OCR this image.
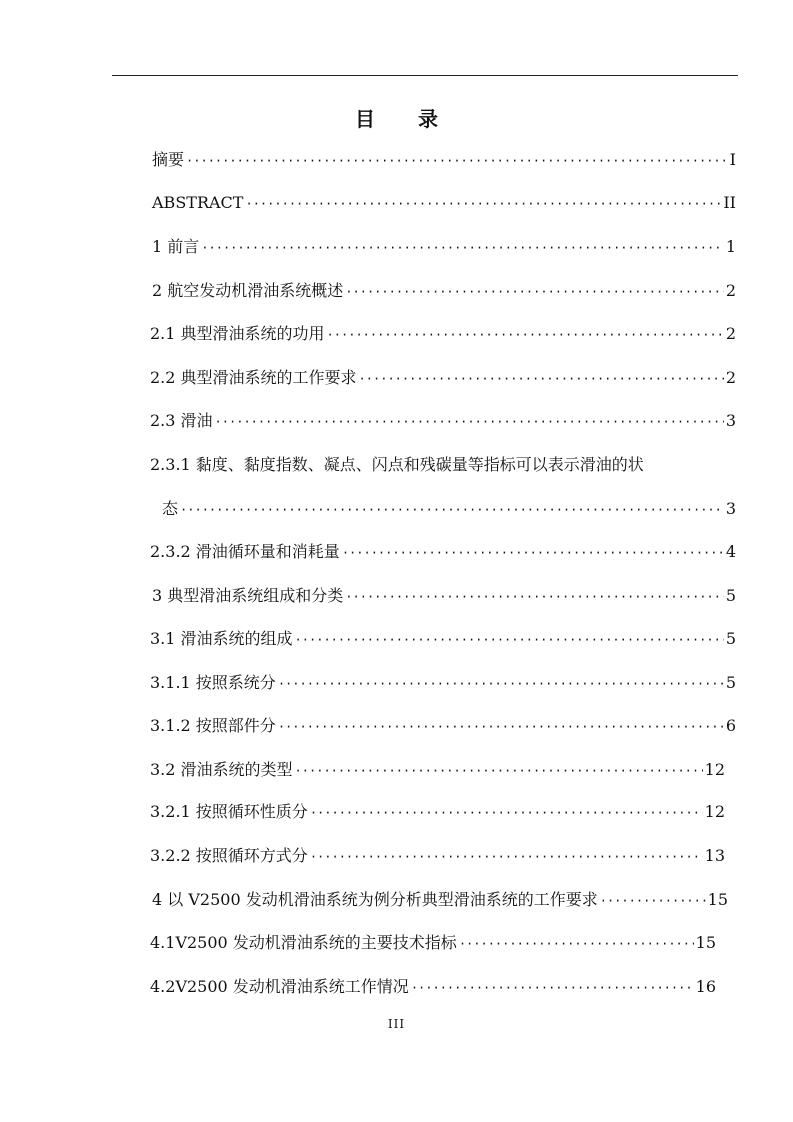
目 录
摘要 ·····	I
ABSTRACT ·····	II
1 前言 ·····	1
2 航空发动机滑油系统概述 ·····	2
2.1 典型滑油系统的功用 ·····	2
2.2 典型滑油系统的工作要求 ·····	2
2.3 滑油 ·····	3
2.3.1 黏度、黏度指数、凝点、闪点和残碳量等指标可以表示滑油的状
态 ·····	3
2.3.2 滑油循环量和消耗量 ·····	4
3 典型滑油系统组成和分类 ·····	5
3.1 滑油系统的组成 ·····	5
3.1.1 按照系统分 ·····	5
3.1.2 按照部件分 ·····	6
3.2 滑油系统的类型 ·····	12
3.2.1 按照循环性质分 ·····	12
3.2.2 按照循环方式分 ·····	13
4 以 V2500 发动机滑油系统为例分析典型滑油系统的工作要求 ·····	15
4.1V2500 发动机滑油系统的主要技术指标 ·····	15
4.2V2500 发动机滑油系统工作情况 ·····	16
III
